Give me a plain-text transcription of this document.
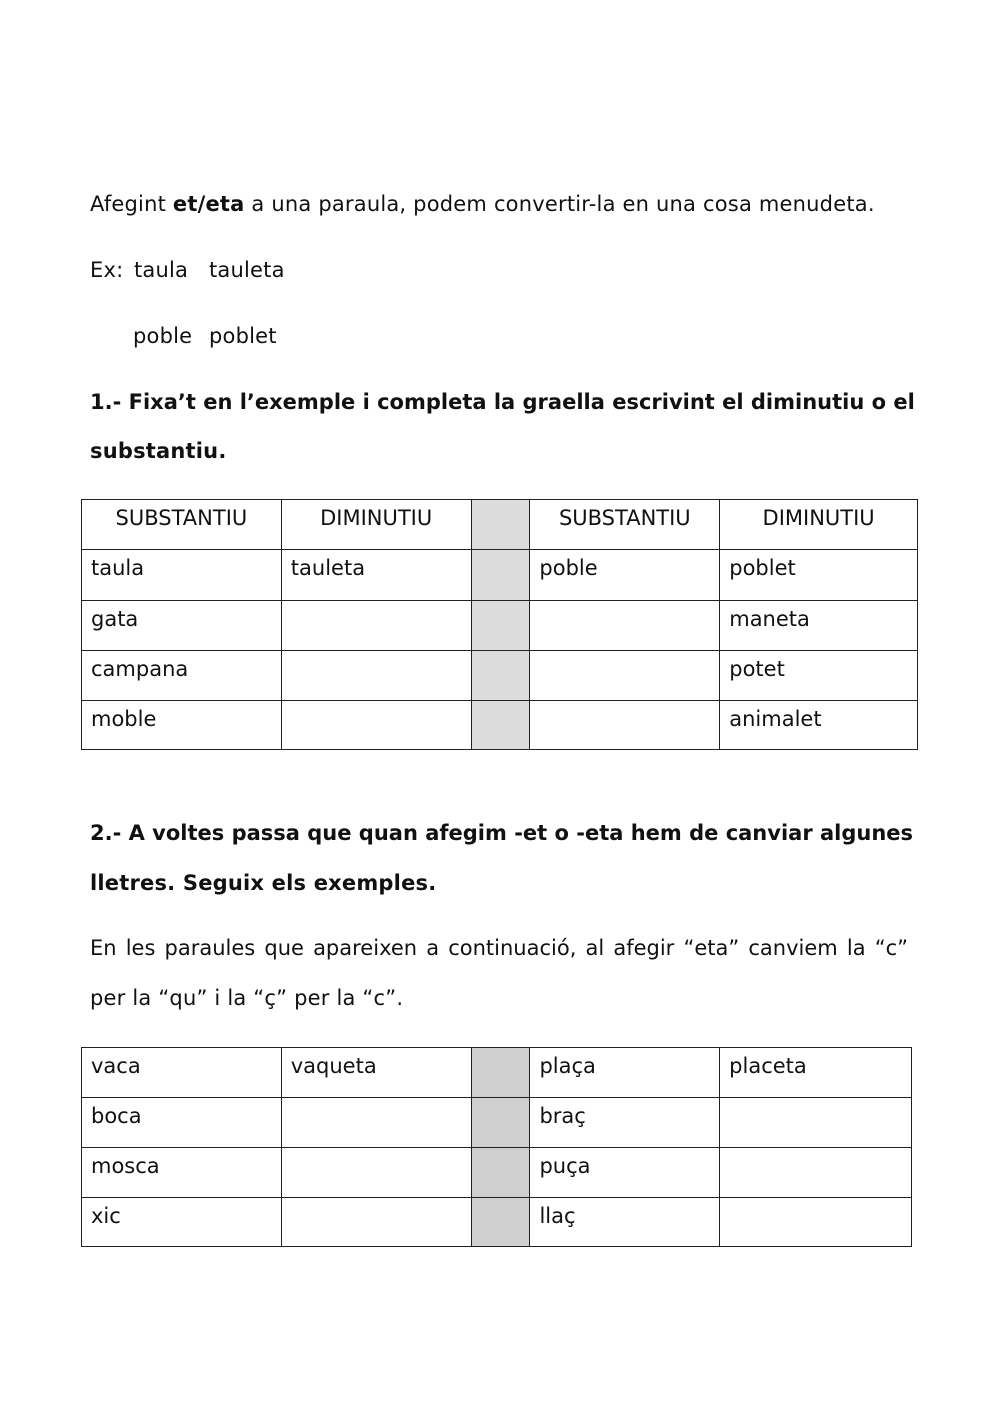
Afegint et/eta a una paraula, podem convertir-la en una cosa menudeta.
Ex: taula tauleta
poble poblet
1.- Fixa’t en l’exemple i completa la graella escrivint el diminutiu o el
substantiu.
SUBSTANTIU	DIMINUTIU		SUBSTANTIU	DIMINUTIU
taula	tauleta		poble	poblet
gata				maneta
campana				potet
moble				animalet
2.- A voltes passa que quan afegim -et o -eta hem de canviar algunes
lletres. Seguix els exemples.
En les paraules que apareixen a continuació, al afegir “eta” canviem la “c”
per la “qu” i la “ç” per la “c”.
vaca	vaqueta		plaça	placeta
boca			braç	
mosca			puça	
xic			llaç	
